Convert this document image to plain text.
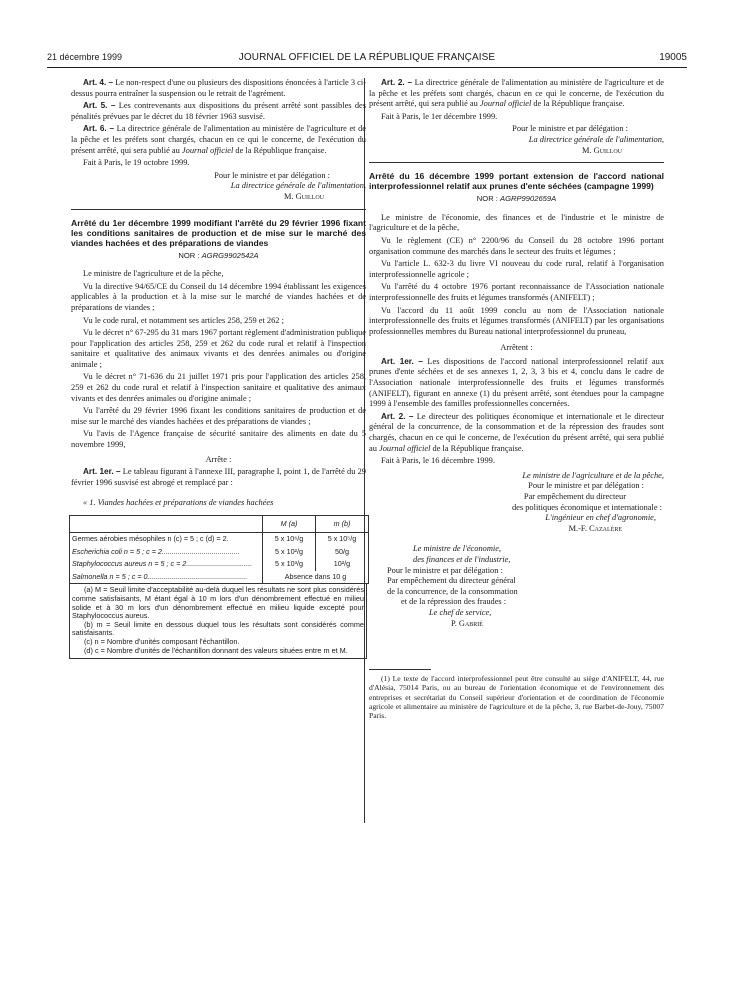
21 décembre 1999	JOURNAL OFFICIEL DE LA RÉPUBLIQUE FRANÇAISE	19005

Art. 4. – Le non-respect d'une ou plusieurs des dispositions énoncées à l'article 3 ci-dessus pourra entraîner la suspension ou le retrait de l'agrément.

Art. 5. – Les contrevenants aux dispositions du présent arrêté sont passibles des pénalités prévues par le décret du 18 février 1963 susvisé.

Art. 6. – La directrice générale de l'alimentation au ministère de l'agriculture et de la pêche et les préfets sont chargés, chacun en ce qui le concerne, de l'exécution du présent arrêté, qui sera publié au Journal officiel de la République française.

Fait à Paris, le 19 octobre 1999.

Pour le ministre et par délégation :

La directrice générale de l'alimentation,

M. Guillou

Arrêté du 1er décembre 1999 modifiant l'arrêté du 29 février 1996 fixant les conditions sanitaires de production et de mise sur le marché des viandes hachées et des préparations de viandes

NOR : AGRG9902542A

Le ministre de l'agriculture et de la pêche,

Vu la directive 94/65/CE du Conseil du 14 décembre 1994 établissant les exigences applicables à la production et à la mise sur le marché de viandes hachées et de préparations de viandes ;

Vu le code rural, et notamment ses articles 258, 259 et 262 ;

Vu le décret n° 67-295 du 31 mars 1967 portant règlement d'administration publique pour l'application des articles 258, 259 et 262 du code rural et relatif à l'inspection sanitaire et qualitative des animaux vivants et des denrées animales ou d'origine animale ;

Vu le décret n° 71-636 du 21 juillet 1971 pris pour l'application des articles 258, 259 et 262 du code rural et relatif à l'inspection sanitaire et qualitative des animaux vivants et des denrées animales ou d'origine animale ;

Vu l'arrêté du 29 février 1996 fixant les conditions sanitaires de production et de mise sur le marché des viandes hachées et des préparations de viandes ;

Vu l'avis de l'Agence française de sécurité sanitaire des aliments en date du 5 novembre 1999,

Arrête :

Art. 1er. – Le tableau figurant à l'annexe III, paragraphe I, point 1, de l'arrêté du 29 février 1996 susvisé est abrogé et remplacé par :

« 1. Viandes hachées et préparations de viandes hachées

	M (a)	m (b)
Germes aérobies mésophiles n (c) = 5 ; c (d) = 2.	5 x 10⁶/g	5 x 10⁵/g
Escherichia coli n = 5 ; c = 2.......................................	5 x 10²/g	50/g
Staphylococcus aureus n = 5 ; c = 2.................................	5 x 10³/g	10²/g
Salmonella n = 5 ; c = 0..................................................	Absence dans 10 g	

(a) M = Seuil limite d'acceptabilité au-delà duquel les résultats ne sont plus considérés comme satisfaisants, M étant égal à 10 m lors d'un dénombrement effectué en milieu solide et à 30 m lors d'un dénombrement effectué en milieu liquide excepté pour Staphylococcus aureus.

(b) m = Seuil limite en dessous duquel tous les résultats sont considérés comme satisfaisants.

(c) n = Nombre d'unités composant l'échantillon.

(d) c = Nombre d'unités de l'échantillon donnant des valeurs situées entre m et M.

Art. 2. – La directrice générale de l'alimentation au ministère de l'agriculture et de la pêche et les préfets sont chargés, chacun en ce qui le concerne, de l'exécution du présent arrêté, qui sera publié au Journal officiel de la République française.

Fait à Paris, le 1er décembre 1999.

Pour le ministre et par délégation :

La directrice générale de l'alimentation,

M. Guillou

Arrêté du 16 décembre 1999 portant extension de l'accord national interprofessionnel relatif aux prunes d'ente séchées (campagne 1999)

NOR : AGRP9902659A

Le ministre de l'économie, des finances et de l'industrie et le ministre de l'agriculture et de la pêche,

Vu le règlement (CE) n° 2200/96 du Conseil du 28 octobre 1996 portant organisation commune des marchés dans le secteur des fruits et légumes ;

Vu l'article L. 632-3 du livre VI nouveau du code rural, relatif à l'organisation interprofessionnelle agricole ;

Vu l'arrêté du 4 octobre 1976 portant reconnaissance de l'Association nationale interprofessionnelle des fruits et légumes transformés (ANIFELT) ;

Vu l'accord du 11 août 1999 conclu au nom de l'Association nationale interprofessionnelle des fruits et légumes transformés (ANIFELT) par les organisations professionnelles membres du Bureau national interprofessionnel du pruneau,

Arrêtent :

Art. 1er. – Les dispositions de l'accord national interprofessionnel relatif aux prunes d'ente séchées et de ses annexes 1, 2, 3, 3 bis et 4, conclu dans le cadre de l'Association nationale interprofessionnelle des fruits et légumes transformés (ANIFELT), figurant en annexe (1) du présent arrêté, sont étendues pour la campagne 1999 à l'ensemble des familles professionnelles concernées.

Art. 2. – Le directeur des politiques économique et internationale et le directeur général de la concurrence, de la consommation et de la répression des fraudes sont chargés, chacun en ce qui le concerne, de l'exécution du présent arrêté, qui sera publié au Journal officiel de la République française.

Fait à Paris, le 16 décembre 1999.

Le ministre de l'agriculture et de la pêche,

Pour le ministre et par délégation :

Par empêchement du directeur

des politiques économique et internationale :

L'ingénieur en chef d'agronomie,

M.-F. Cazalère

Le ministre de l'économie,

des finances et de l'industrie,

Pour le ministre et par délégation :

Par empêchement du directeur général

de la concurrence, de la consommation

et de la répression des fraudes :

Le chef de service,

P. Gabrié

(1) Le texte de l'accord interprofessionnel peut être consulté au siège d'ANIFELT, 44, rue d'Alésia, 75014 Paris, ou au bureau de l'orientation économique et de l'environnement des entreprises et secrétariat du Conseil supérieur d'orientation et de coordination de l'économie agricole et alimentaire au ministère de l'agriculture et de la pêche, 3, rue Barbet-de-Jouy, 75007 Paris.
